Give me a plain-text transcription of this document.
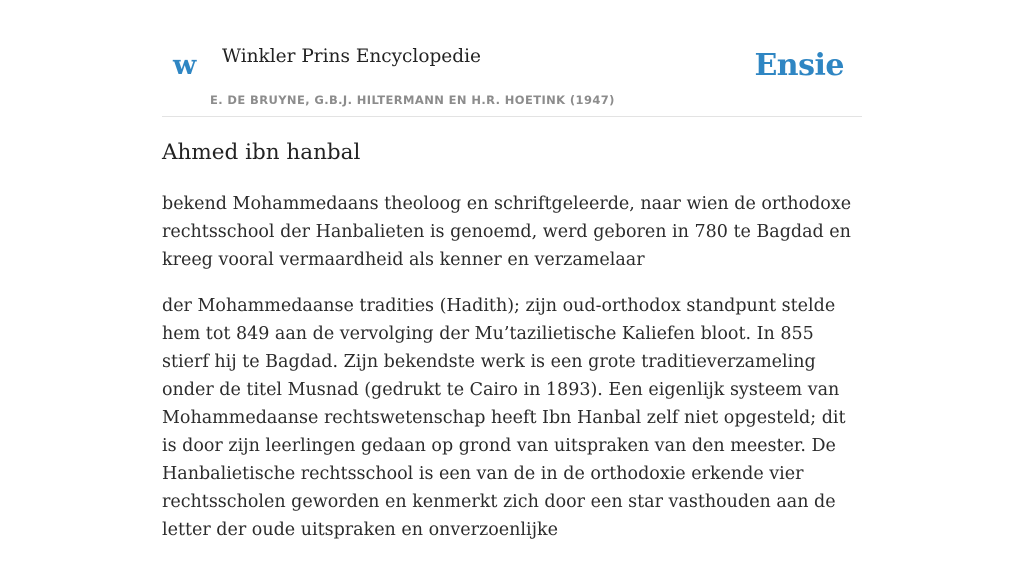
w Winkler Prins Encyclopedie
E. DE BRUYNE, G.B.J. HILTERMANN EN H.R. HOETINK (1947)
Ensie
Ahmed ibn hanbal

bekend Mohammedaans theoloog en schriftgeleerde, naar wien de orthodoxe rechtsschool der Hanbalieten is genoemd, werd geboren in 780 te Bagdad en kreeg vooral vermaardheid als kenner en verzamelaar

der Mohammedaanse tradities (Hadith); zijn oud-orthodox standpunt stelde hem tot 849 aan de vervolging der Mu’tazilietische Kaliefen bloot. In 855 stierf hij te Bagdad. Zijn bekendste werk is een grote traditieverzameling onder de titel Musnad (gedrukt te Cairo in 1893). Een eigenlijk systeem van Mohammedaanse rechtswetenschap heeft Ibn Hanbal zelf niet opgesteld; dit is door zijn leerlingen gedaan op grond van uitspraken van den meester. De Hanbalietische rechtsschool is een van de in de orthodoxie erkende vier rechtsscholen geworden en kenmerkt zich door een star vasthouden aan de letter der oude uitspraken en onverzoenlijke
